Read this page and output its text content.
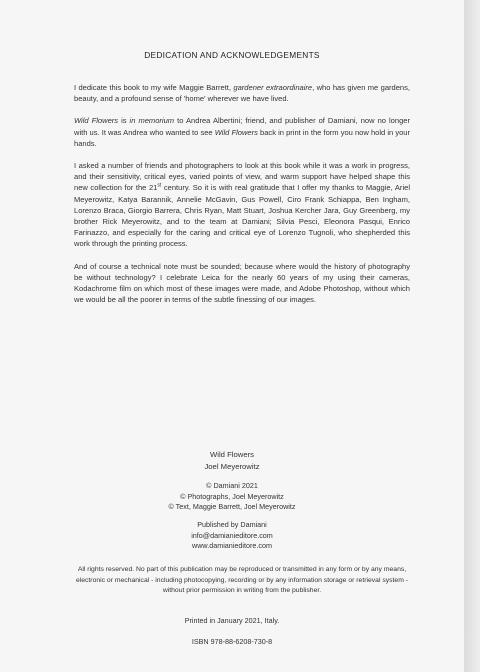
DEDICATION AND ACKNOWLEDGEMENTS

I dedicate this book to my wife Maggie Barrett, gardener extraordinaire, who has given me gardens, beauty, and a profound sense of 'home' wherever we have lived.

Wild Flowers is in memorium to Andrea Albertini; friend, and publisher of Damiani, now no longer with us. It was Andrea who wanted to see Wild Flowers back in print in the form you now hold in your hands.

I asked a number of friends and photographers to look at this book while it was a work in progress, and their sensitivity, critical eyes, varied points of view, and warm support have helped shape this new collection for the 21st century. So it is with real gratitude that I offer my thanks to Maggie, Ariel Meyerowitz, Katya Barannik, Annelie McGavin, Gus Powell, Ciro Frank Schiappa, Ben Ingham, Lorenzo Braca, Giorgio Barrera, Chris Ryan, Matt Stuart, Joshua Kercher Jara, Guy Greenberg, my brother Rick Meyerowitz, and to the team at Damiani; Silvia Pesci, Eleonora Pasqui, Enrico Farinazzo, and especially for the caring and critical eye of Lorenzo Tugnoli, who shepherded this work through the printing process.

And of course a technical note must be sounded; because where would the history of photography be without technology? I celebrate Leica for the nearly 60 years of my using their cameras, Kodachrome film on which most of these images were made, and Adobe Photoshop, without which we would be all the poorer in terms of the subtle finessing of our images.

Wild Flowers
Joel Meyerowitz
© Damiani 2021
© Photographs, Joel Meyerowitz
© Text, Maggie Barrett, Joel Meyerowitz
Published by Damiani
info@damianieditore.com
www.damianieditore.com
All rights reserved. No part of this publication may be reproduced or transmitted in any form or by any means, electronic or mechanical - including photocopying, recording or by any information storage or retrieval system - without prior permission in writing from the publisher.
Printed in January 2021, Italy.
ISBN 978-88-6208-730-8
